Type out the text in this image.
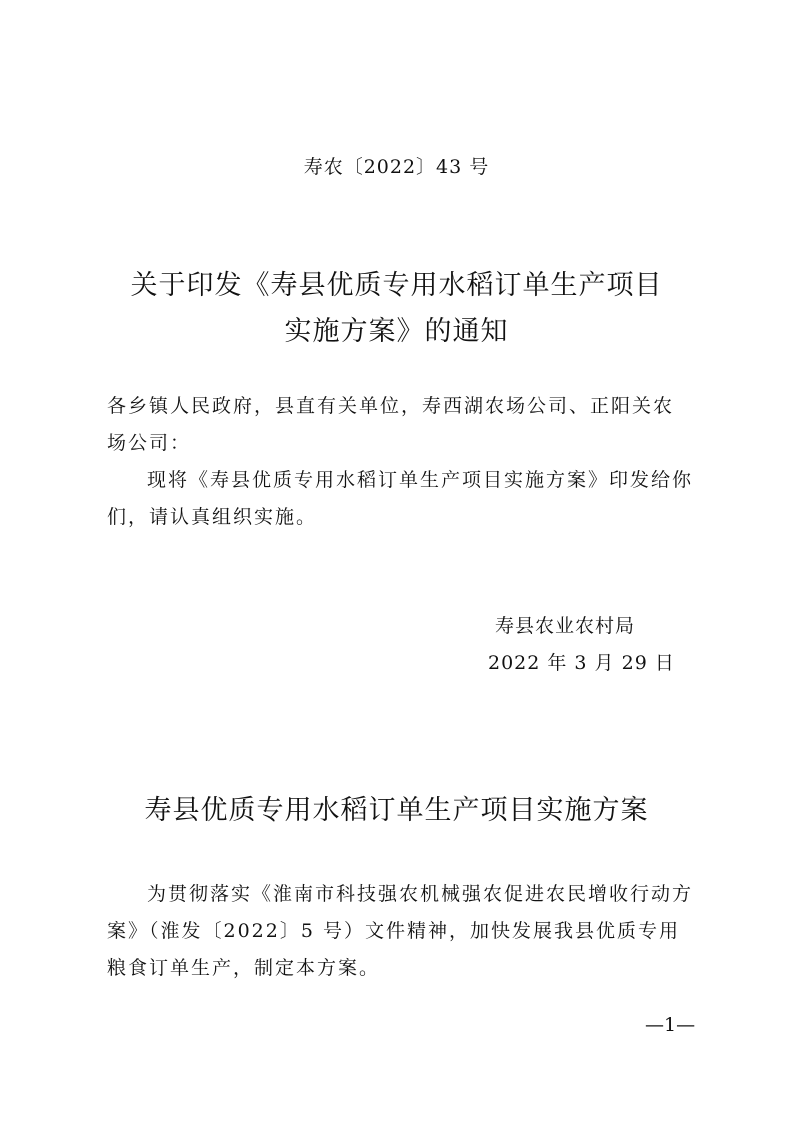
寿农〔2022〕43 号
关于印发《寿县优质专用水稻订单生产项目
实施方案》的通知
各乡镇人民政府，县直有关单位，寿西湖农场公司、正阳关农场公司：
现将《寿县优质专用水稻订单生产项目实施方案》印发给你们，请认真组织实施。
寿县农业农村局
2022 年 3 月 29 日
寿县优质专用水稻订单生产项目实施方案
为贯彻落实《淮南市科技强农机械强农促进农民增收行动方案》（淮发〔2022〕5 号）文件精神，加快发展我县优质专用粮食订单生产，制定本方案。
—1—
